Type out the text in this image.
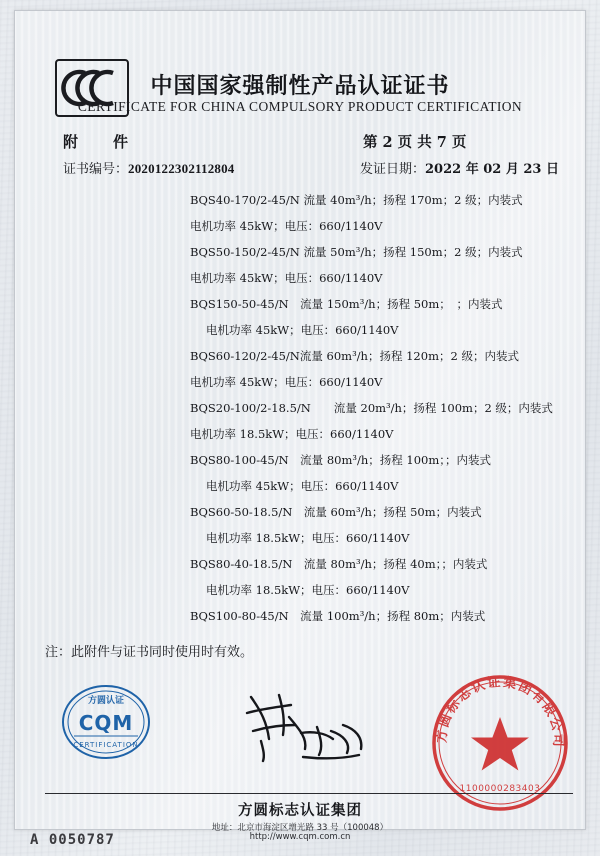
中国国家强制性产品认证证书
CERTIFICATE FOR CHINA COMPULSORY PRODUCT CERTIFICATION
附　件	第 2 页 共 7 页
证书编号：2020122302112804	发证日期：2022 年 02 月 23 日
BQS40-170/2-45/N 流量 40m³/h；扬程 170m；2 级；内装式
电机功率 45kW；电压：660/1140V
BQS50-150/2-45/N 流量 50m³/h；扬程 150m；2 级；内装式
电机功率 45kW；电压：660/1140V
BQS150-50-45/N　流量 150m³/h；扬程 50m；　；内装式
电机功率 45kW；电压：660/1140V
BQS60-120/2-45/N流量 60m³/h；扬程 120m；2 级；内装式
电机功率 45kW；电压：660/1140V
BQS20-100/2-18.5/N　　流量 20m³/h；扬程 100m；2 级；内装式
电机功率 18.5kW；电压：660/1140V
BQS80-100-45/N　流量 80m³/h；扬程 100m；；内装式
电机功率 45kW；电压：660/1140V
BQS60-50-18.5/N　流量 60m³/h；扬程 50m；内装式
电机功率 18.5kW；电压：660/1140V
BQS80-40-18.5/N　流量 80m³/h；扬程 40m；；内装式
电机功率 18.5kW；电压：660/1140V
BQS100-80-45/N　流量 100m³/h；扬程 80m；内装式
注：此附件与证书同时使用时有效。
方圆认证
CQM
CERTIFICATION
方圆标志认证集团有限公司
1100000283403
方圆标志认证集团
地址：北京市海淀区增光路 33 号（100048）
http://www.cqm.com.cn
A 0050787
